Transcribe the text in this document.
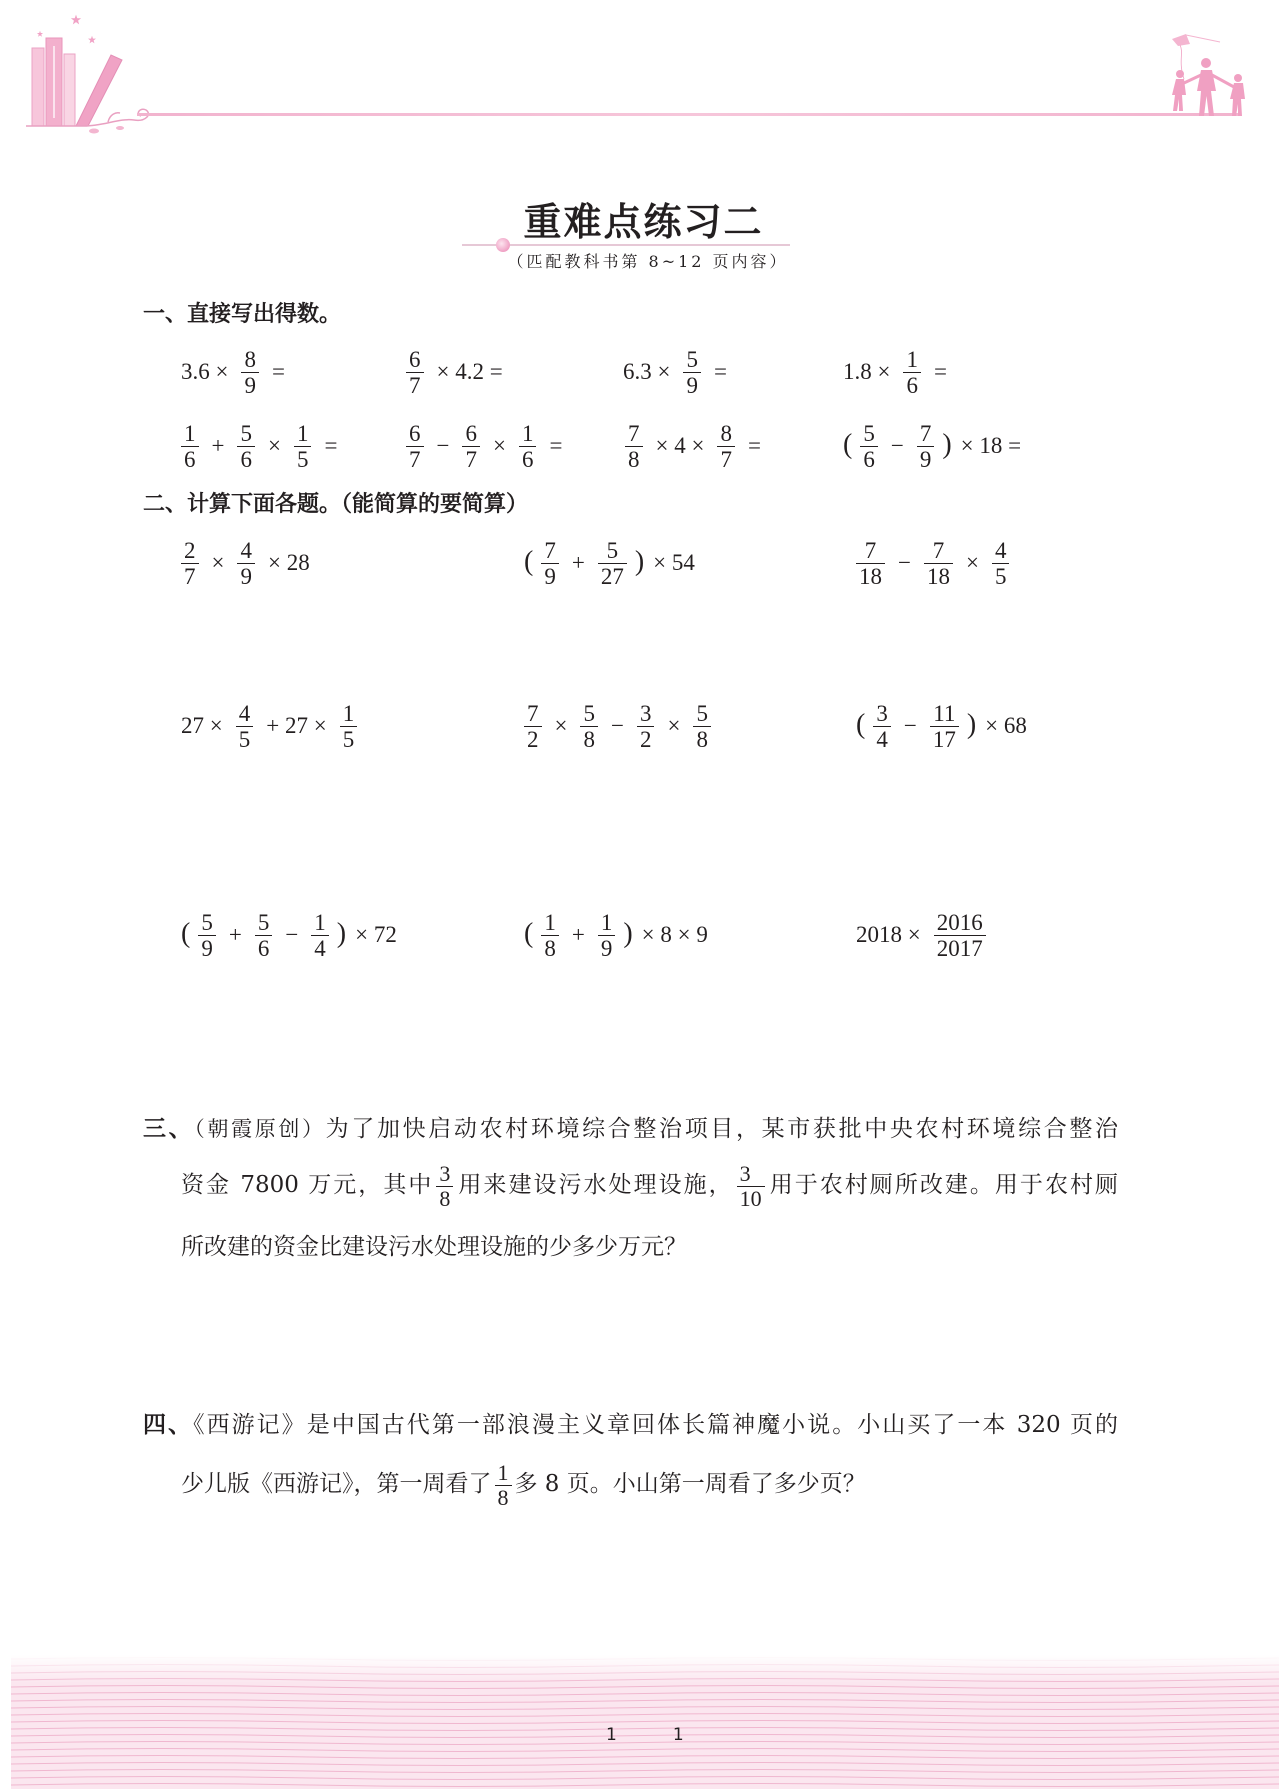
重难点练习二
（匹配教科书第 8~12 页内容）
一、直接写出得数。
$3.6 \times \frac{8}{9}$ =	$\frac{6}{7} \times 4.2$ =	$6.3 \times \frac{5}{9}$ =	$1.8 \times \frac{1}{6}$ =
$\frac{1}{6} + \frac{5}{6} \times \frac{1}{5}$ =	$\frac{6}{7} - \frac{6}{7} \times \frac{1}{6}$ =	$\frac{7}{8} \times 4 \times \frac{8}{7}$ =	( $\frac{5}{6} - \frac{7}{9}$ ) × 18 =
二、计算下面各题。（能简算的要简算）
$\frac{2}{7} \times \frac{4}{9} \times 28$	( $\frac{7}{9} + \frac{5}{27}$ ) × 54	$\frac{7}{18} - \frac{7}{18} \times \frac{4}{5}$
$27 \times \frac{4}{5} + 27 \times \frac{1}{5}$	$\frac{7}{2} \times \frac{5}{8} - \frac{3}{2} \times \frac{5}{8}$	( $\frac{3}{4} - \frac{11}{17}$ ) × 68
( $\frac{5}{9} + \frac{5}{6} - \frac{1}{4}$ ) × 72	( $\frac{1}{8} + \frac{1}{9}$ ) × 8 × 9	$2018 \times \frac{2016}{2017}$
三、（朝霞原创）为了加快启动农村环境综合整治项目，某市获批中央农村环境综合整治
资金 7800 万元，其中 $\frac{3}{8}$ 用来建设污水处理设施， $\frac{3}{10}$ 用于农村厕所改建。用于农村厕
所改建的资金比建设污水处理设施的少多少万元？
四、《西游记》是中国古代第一部浪漫主义章回体长篇神魔小说。小山买了一本 320 页的
少儿版《西游记》，第一周看了 $\frac{1}{8}$ 多 8 页。小山第一周看了多少页？
11
